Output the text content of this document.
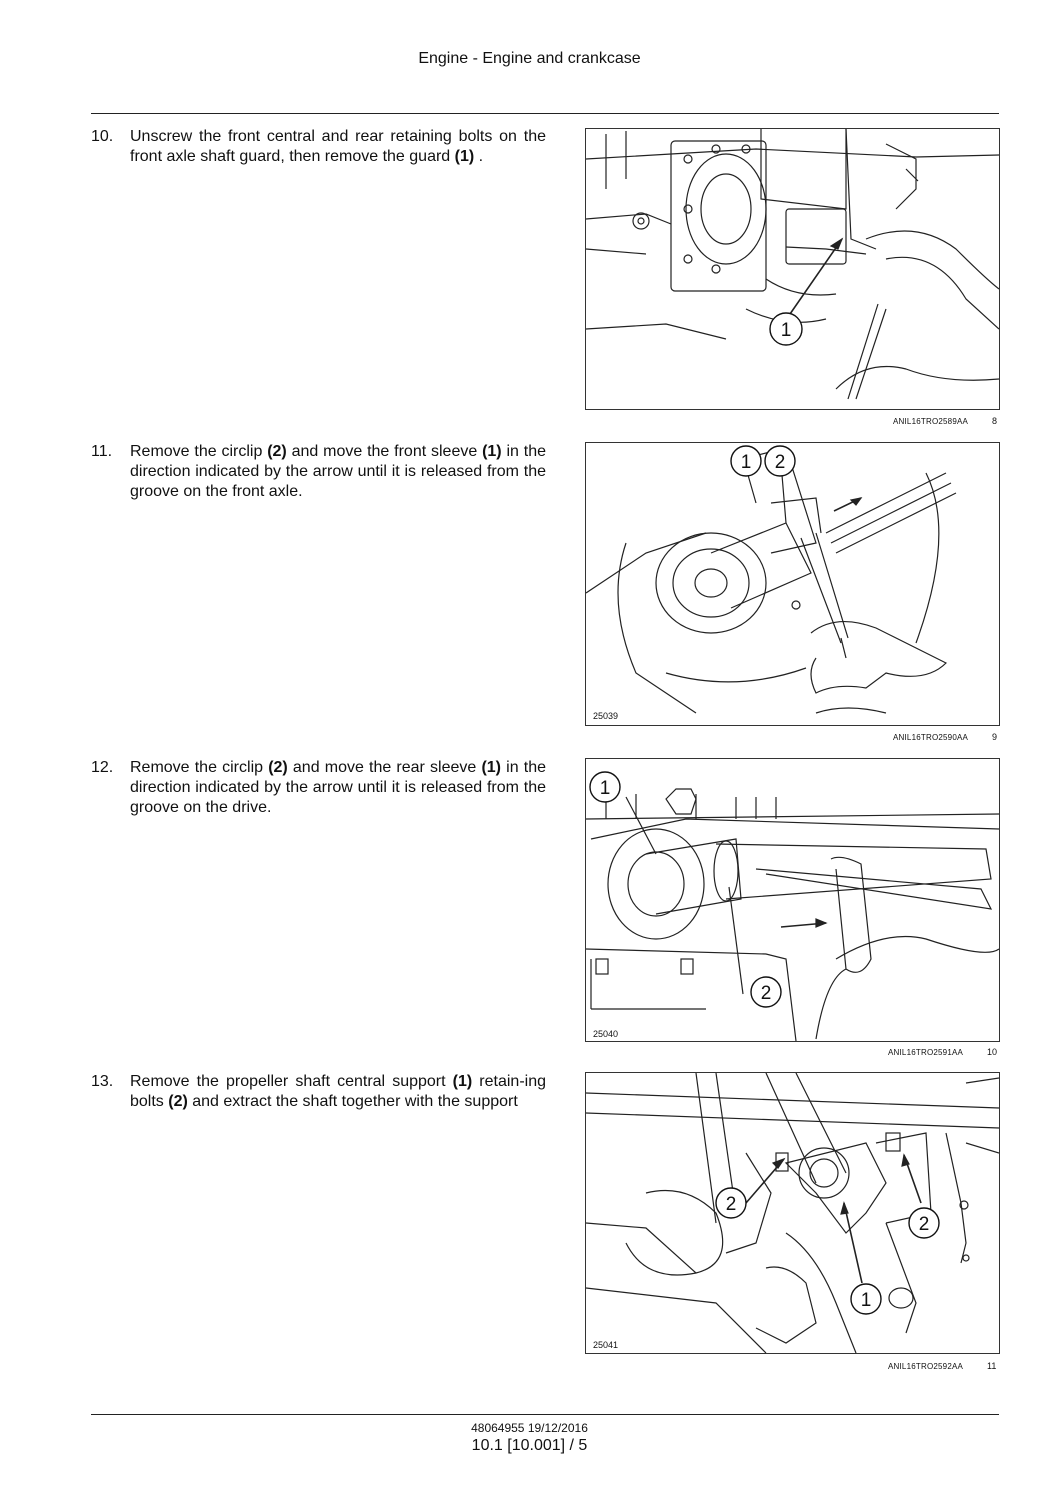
Engine - Engine and crankcase
10.	Unscrew the front central and rear retaining bolts on the front axle shaft guard, then remove the guard (1) .
1
ANIL16TRO2589AA	8
11.	Remove the circlip (2) and move the front sleeve (1) in the direction indicated by the arrow until it is released from the groove on the front axle.
1 2
25039
ANIL16TRO2590AA	9
12.	Remove the circlip (2) and move the rear sleeve (1) in the direction indicated by the arrow until it is released from the groove on the drive.
1
2
25040
ANIL16TRO2591AA	10
13.	Remove the propeller shaft central support (1) retain-ing bolts (2) and extract the shaft together with the support
2
2
1
25041
ANIL16TRO2592AA	11
48064955 19/12/2016
10.1 [10.001] / 5
